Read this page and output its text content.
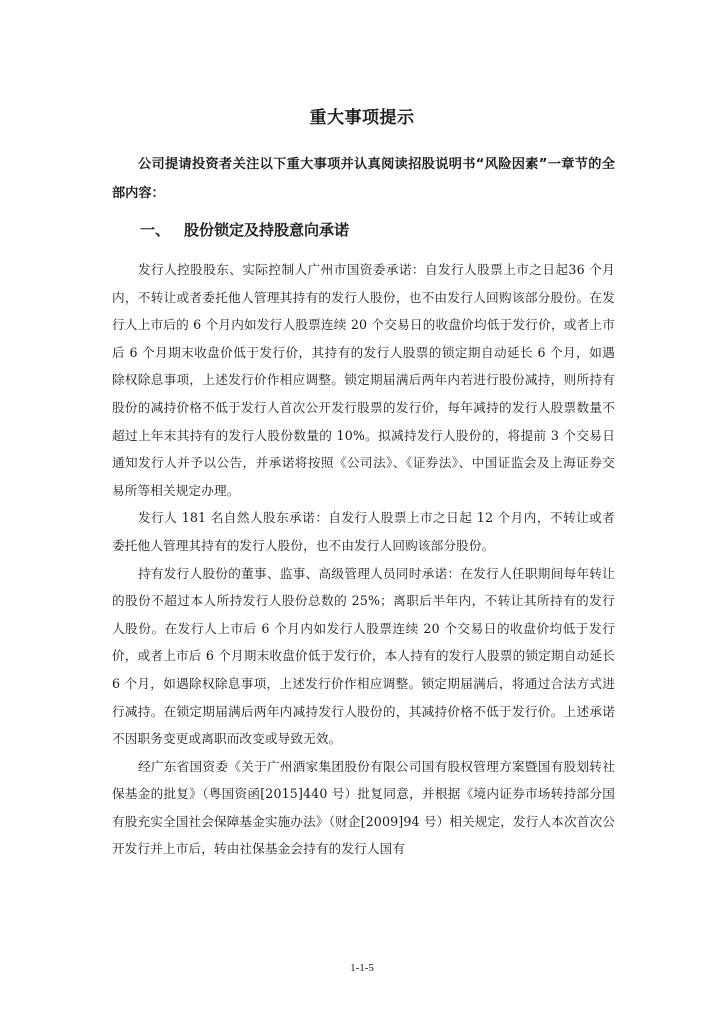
重大事项提示
公司提请投资者关注以下重大事项并认真阅读招股说明书“风险因素”一章节的全部内容：
一、 股份锁定及持股意向承诺

发行人控股股东、实际控制人广州市国资委承诺：自发行人股票上市之日起36 个月内，不转让或者委托他人管理其持有的发行人股份，也不由发行人回购该部分股份。在发行人上市后的 6 个月内如发行人股票连续 20 个交易日的收盘价均低于发行价，或者上市后 6 个月期末收盘价低于发行价，其持有的发行人股票的锁定期自动延长 6 个月，如遇除权除息事项，上述发行价作相应调整。锁定期届满后两年内若进行股份减持，则所持有股份的减持价格不低于发行人首次公开发行股票的发行价，每年减持的发行人股票数量不超过上年末其持有的发行人股份数量的 10%。拟减持发行人股份的，将提前 3 个交易日通知发行人并予以公告，并承诺将按照《公司法》、《证券法》、中国证监会及上海证券交易所等相关规定办理。

发行人 181 名自然人股东承诺：自发行人股票上市之日起 12 个月内，不转让或者委托他人管理其持有的发行人股份，也不由发行人回购该部分股份。

持有发行人股份的董事、监事、高级管理人员同时承诺：在发行人任职期间每年转让的股份不超过本人所持发行人股份总数的 25%；离职后半年内，不转让其所持有的发行人股份。在发行人上市后 6 个月内如发行人股票连续 20 个交易日的收盘价均低于发行价，或者上市后 6 个月期末收盘价低于发行价，本人持有的发行人股票的锁定期自动延长 6 个月，如遇除权除息事项，上述发行价作相应调整。锁定期届满后，将通过合法方式进行减持。在锁定期届满后两年内减持发行人股份的，其减持价格不低于发行价。上述承诺不因职务变更或离职而改变或导致无效。

经广东省国资委《关于广州酒家集团股份有限公司国有股权管理方案暨国有股划转社保基金的批复》（粤国资函[2015]440 号）批复同意，并根据《境内证券市场转持部分国有股充实全国社会保障基金实施办法》（财企[2009]94 号）相关规定，发行人本次首次公开发行并上市后，转由社保基金会持有的发行人国有

1-1-5
